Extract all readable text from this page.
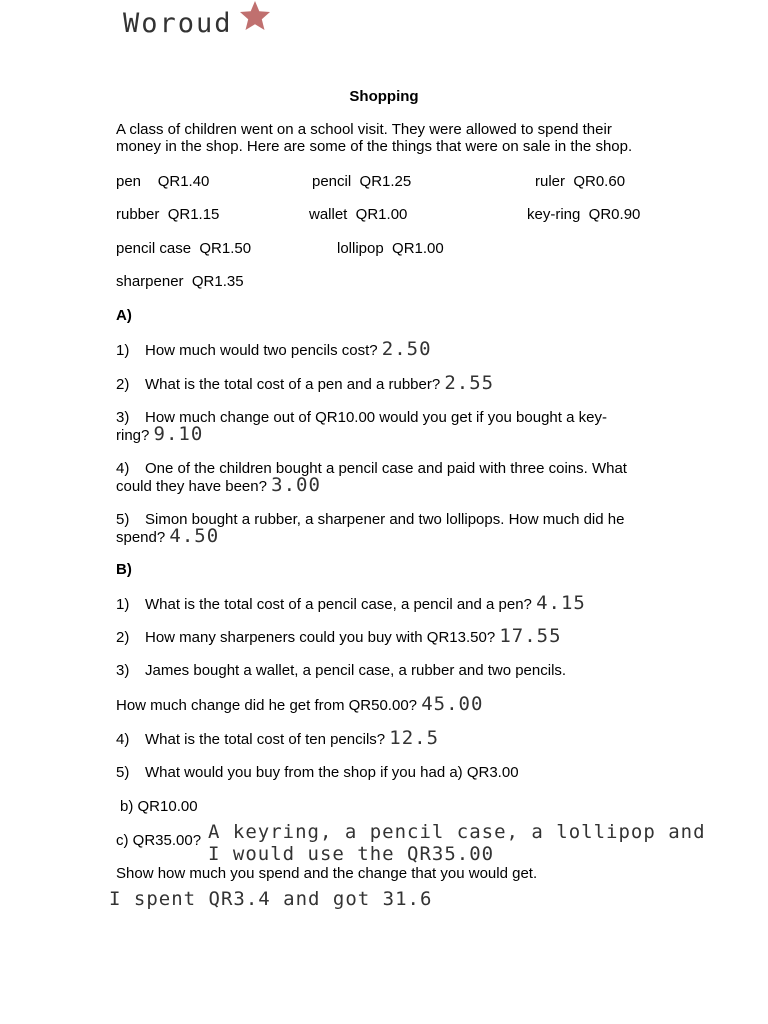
Woroud
Shopping
A class of children went on a school visit. They were allowed to spend their money in the shop. Here are some of the things that were on sale in the shop.
pen    QR1.40	pencil  QR1.25	ruler  QR0.60
rubber  QR1.15	wallet  QR1.00	key-ring  QR0.90
pencil case  QR1.50	lollipop  QR1.00
sharpener  QR1.35
A)
1) How much would two pencils cost? 2.50
2) What is the total cost of a pen and a rubber? 2.55
3) How much change out of QR10.00 would you get if you bought a key-ring? 9.10
4) One of the children bought a pencil case and paid with three coins. What could they have been? 3.00
5) Simon bought a rubber, a sharpener and two lollipops. How much did he spend? 4.50
B)
1) What is the total cost of a pencil case, a pencil and a pen? 4.15
2) How many sharpeners could you buy with QR13.50? 17.55
3) James bought a wallet, a pencil case, a rubber and two pencils.
How much change did he get from QR50.00? 45.00
4) What is the total cost of ten pencils? 12.5
5) What would you buy from the shop if you had a) QR3.00
b) QR10.00
c) QR35.00? A keyring, a pencil case, a lollipop and
I would use the QR35.00
Show how much you spend and the change that you would get.
I spent QR3.4 and got 31.6
